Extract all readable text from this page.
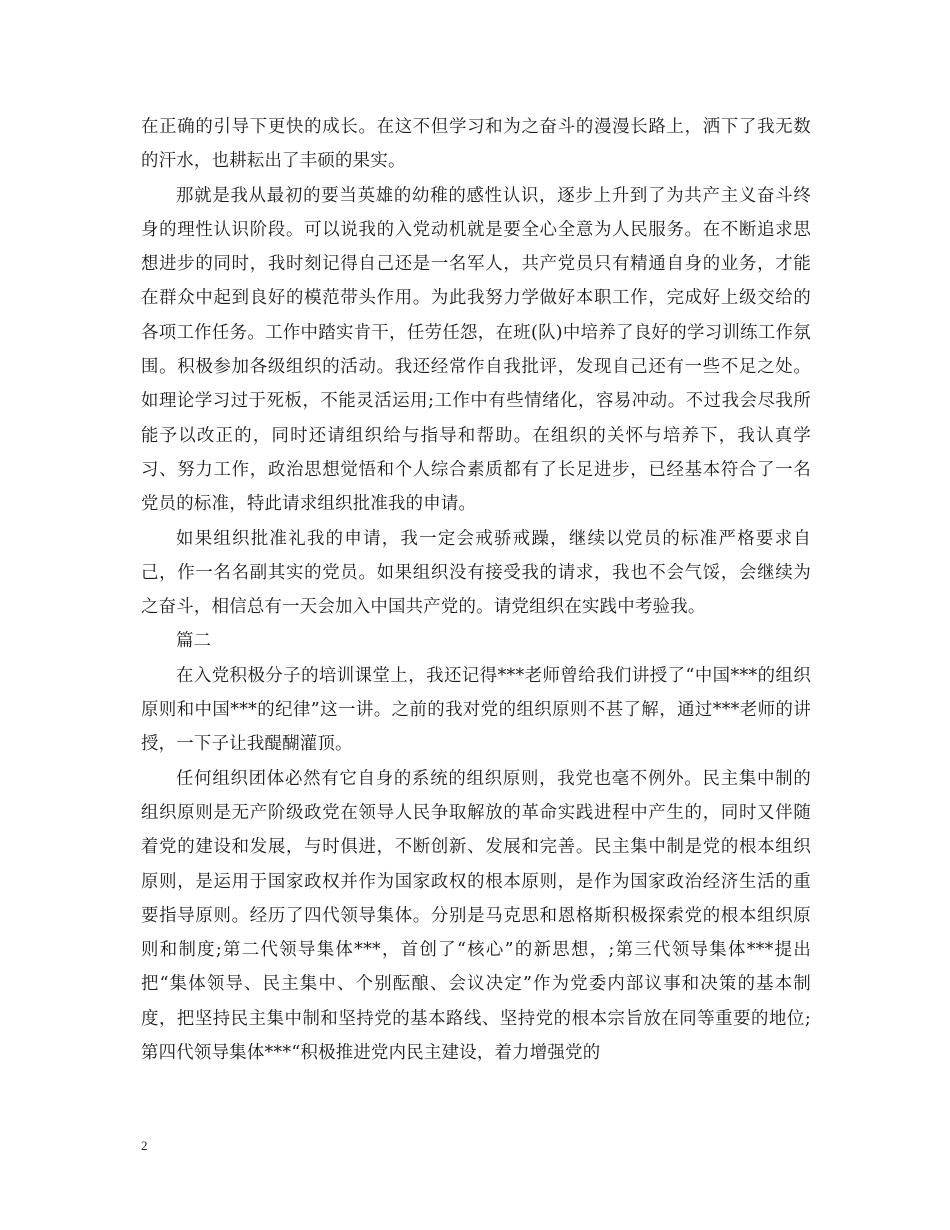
在正确的引导下更快的成长。在这不但学习和为之奋斗的漫漫长路上，洒下了我无数的汗水，也耕耘出了丰硕的果实。

那就是我从最初的要当英雄的幼稚的感性认识，逐步上升到了为共产主义奋斗终身的理性认识阶段。可以说我的入党动机就是要全心全意为人民服务。在不断追求思想进步的同时，我时刻记得自己还是一名军人，共产党员只有精通自身的业务，才能在群众中起到良好的模范带头作用。为此我努力学做好本职工作，完成好上级交给的各项工作任务。工作中踏实肯干，任劳任怨，在班(队)中培养了良好的学习训练工作氛围。积极参加各级组织的活动。我还经常作自我批评，发现自己还有一些不足之处。如理论学习过于死板，不能灵活运用;工作中有些情绪化，容易冲动。不过我会尽我所能予以改正的，同时还请组织给与指导和帮助。在组织的关怀与培养下，我认真学习、努力工作，政治思想觉悟和个人综合素质都有了长足进步，已经基本符合了一名党员的标准，特此请求组织批准我的申请。

如果组织批准礼我的申请，我一定会戒骄戒躁，继续以党员的标准严格要求自己，作一名名副其实的党员。如果组织没有接受我的请求，我也不会气馁，会继续为之奋斗，相信总有一天会加入中国共产党的。请党组织在实践中考验我。

篇二

在入党积极分子的培训课堂上，我还记得***老师曾给我们讲授了“中国***的组织原则和中国***的纪律”这一讲。之前的我对党的组织原则不甚了解，通过***老师的讲授，一下子让我醍醐灌顶。

任何组织团体必然有它自身的系统的组织原则，我党也毫不例外。民主集中制的组织原则是无产阶级政党在领导人民争取解放的革命实践进程中产生的，同时又伴随着党的建设和发展，与时俱进，不断创新、发展和完善。民主集中制是党的根本组织原则，是运用于国家政权并作为国家政权的根本原则，是作为国家政治经济生活的重要指导原则。经历了四代领导集体。分别是马克思和恩格斯积极探索党的根本组织原则和制度;第二代领导集体***，首创了“核心”的新思想，;第三代领导集体***提出把“集体领导、民主集中、个别酝酿、会议决定”作为党委内部议事和决策的基本制度，把坚持民主集中制和坚持党的基本路线、坚持党的根本宗旨放在同等重要的地位;第四代领导集体***“积极推进党内民主建设，着力增强党的

2
